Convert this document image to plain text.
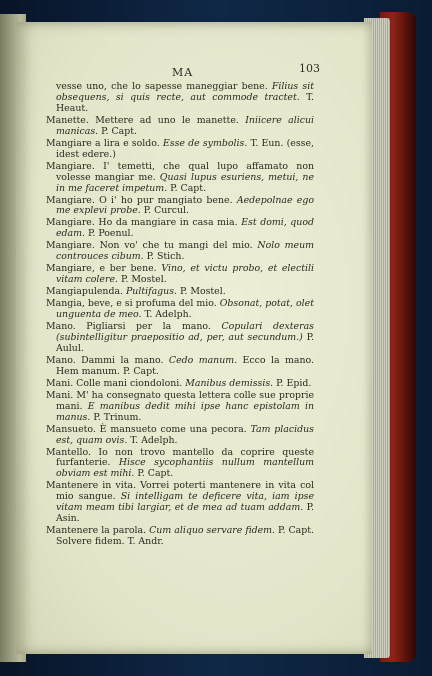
MA	103

vesse uno, che lo sapesse maneggiar bene. Filius sit obsequens, si quis recte, aut commode tractet. T. Heaut.

Manette. Mettere ad uno le manette. Iniicere alicui manicas. P. Capt.

Mangiare a lira e soldo. Esse de symbolis. T. Eun. (esse, idest edere.)

Mangiare. I' temetti, che qual lupo affamato non volesse mangiar me. Quasi lupus esuriens, metui, ne in me faceret impetum. P. Capt.

Mangiare. O i' ho pur mangiato bene. Aedepolnae ego me explevi probe. P. Curcul.

Mangiare. Ho da mangiare in casa mia. Est domi, quod edam. P. Poenul.

Mangiare. Non vo' che tu mangi del mio. Nolo meum controuces cibum. P. Stich.

Mangiare, e ber bene. Vino, et victu probo, et electili vitam colere. P. Mostel.

Mangiapulenda. Pultifagus. P. Mostel.

Mangia, beve, e si profuma del mio. Obsonat, potat, olet unguenta de meo. T. Adelph.

Mano. Pigliarsi per la mano. Copulari dexteras (subintelligitur praepositio ad, per, aut secundum.) P. Aulul.

Mano. Dammi la mano. Cedo manum. Ecco la mano. Hem manum. P. Capt.

Mani. Colle mani ciondoloni. Manibus demissis. P. Epid.

Mani. M' ha consegnato questa lettera colle sue proprie mani. E manibus dedit mihi ipse hanc epistolam in manus. P. Trinum.

Mansueto. È mansueto come una pecora. Tam placidus est, quam ovis. T. Adelph.

Mantello. Io non trovo mantello da coprire queste furfanterie. Hisce sycophantiis nullum mantellum obviam est mihi. P. Capt.

Mantenere in vita. Vorrei poterti mantenere in vita col mio sangue. Si intelligam te deficere vita, iam ipse vitam meam tibi largiar, et de mea ad tuam addam. P. Asin.

Mantenere la parola. Cum aliquo servare fidem. P. Capt. Solvere fidem. T. Andr.
